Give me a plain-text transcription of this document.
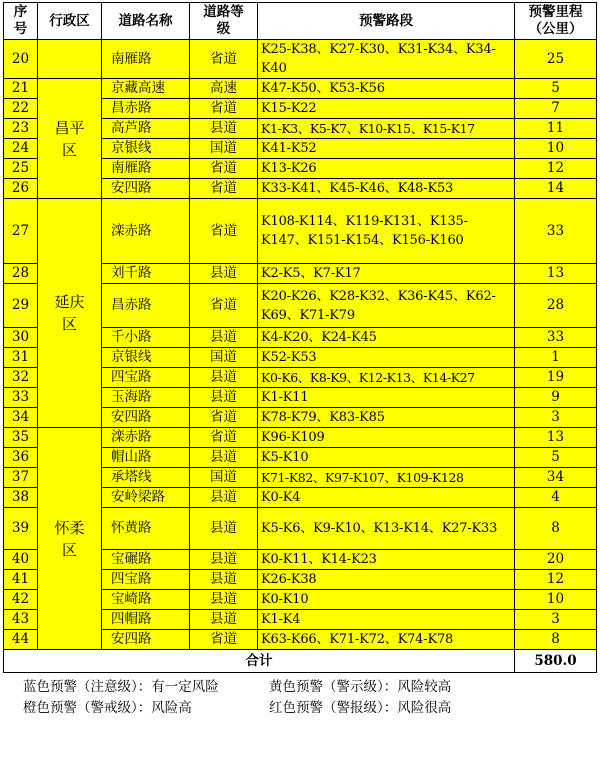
序号	行政区	道路名称	道路等级	预警路段	预警里程（公里）
20		南雁路	省道	K25-K38、K27-K30、K31-K34、K34-K40	25
21	昌平区	京藏高速	高速	K47-K50、K53-K56	5
22		昌赤路	省道	K15-K22	7
23		高芦路	县道	K1-K3、K5-K7、K10-K15、K15-K17	11
24		京银线	国道	K41-K52	10
25		南雁路	省道	K13-K26	12
26		安四路	省道	K33-K41、K45-K46、K48-K53	14
27	延庆区	滦赤路	省道	K108-K114、K119-K131、K135-K147、K151-K154、K156-K160	33
28		刘千路	县道	K2-K5、K7-K17	13
29		昌赤路	省道	K20-K26、K28-K32、K36-K45、K62-K69、K71-K79	28
30		千小路	县道	K4-K20、K24-K45	33
31		京银线	国道	K52-K53	1
32		四宝路	县道	K0-K6、K8-K9、K12-K13、K14-K27	19
33		玉海路	县道	K1-K11	9
34		安四路	省道	K78-K79、K83-K85	3
35	怀柔区	滦赤路	省道	K96-K109	13
36		帽山路	县道	K5-K10	5
37		承塔线	国道	K71-K82、K97-K107、K109-K128	34
38		安岭梁路	县道	K0-K4	4
39		怀黄路	县道	K5-K6、K9-K10、K13-K14、K27-K33	8
40		宝碾路	县道	K0-K11、K14-K23	20
41		四宝路	县道	K26-K38	12
42		宝崎路	县道	K0-K10	10
43		四帽路	县道	K1-K4	3
44		安四路	省道	K63-K66、K71-K72、K74-K78	8
合计					580.0
蓝色预警（注意级）：有一定风险	黄色预警（警示级）：风险较高
橙色预警（警戒级）：风险高	红色预警（警报级）：风险很高
